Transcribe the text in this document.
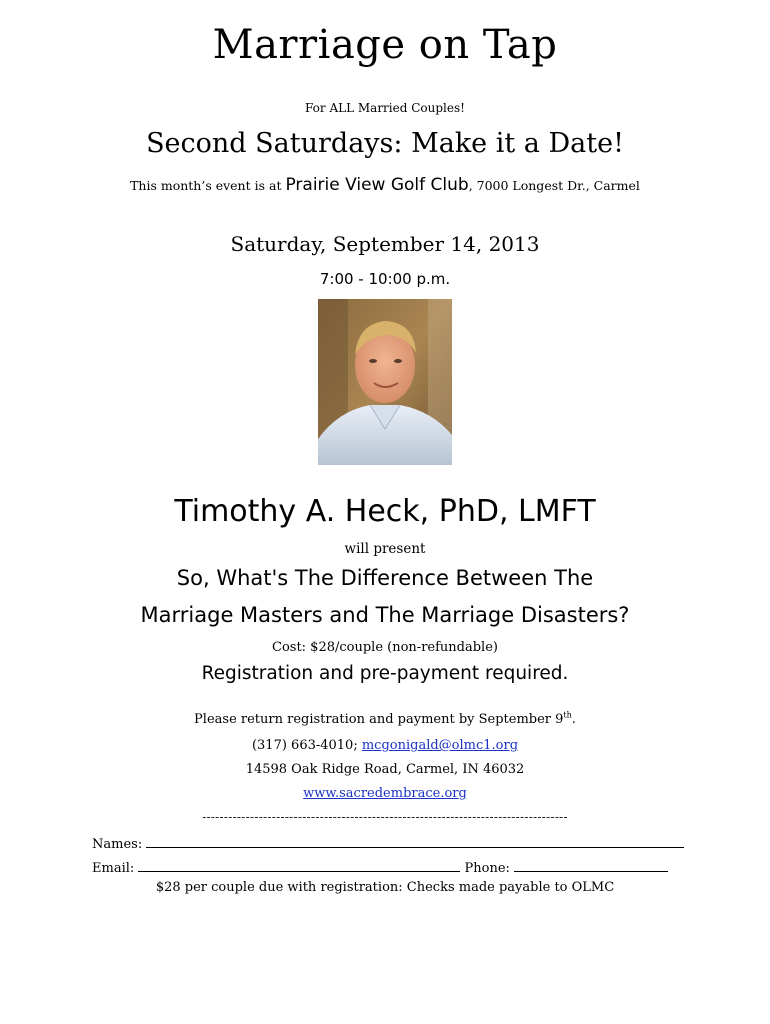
Marriage on Tap
For ALL Married Couples!
Second Saturdays: Make it a Date!
This month’s event is at Prairie View Golf Club, 7000 Longest Dr., Carmel
Saturday, September 14, 2013
7:00 - 10:00 p.m.
Timothy A. Heck, PhD, LMFT
will present
So, What's The Difference Between The
Marriage Masters and The Marriage Disasters?
Cost: $28/couple (non-refundable)
Registration and pre-payment required.
Please return registration and payment by September 9th.
(317) 663-4010; mcgonigald@olmc1.org
14598 Oak Ridge Road, Carmel, IN 46032
www.sacredembrace.org
------------------------------------------------------------------------------------
Names:
Email:	Phone:
$28 per couple due with registration: Checks made payable to OLMC
